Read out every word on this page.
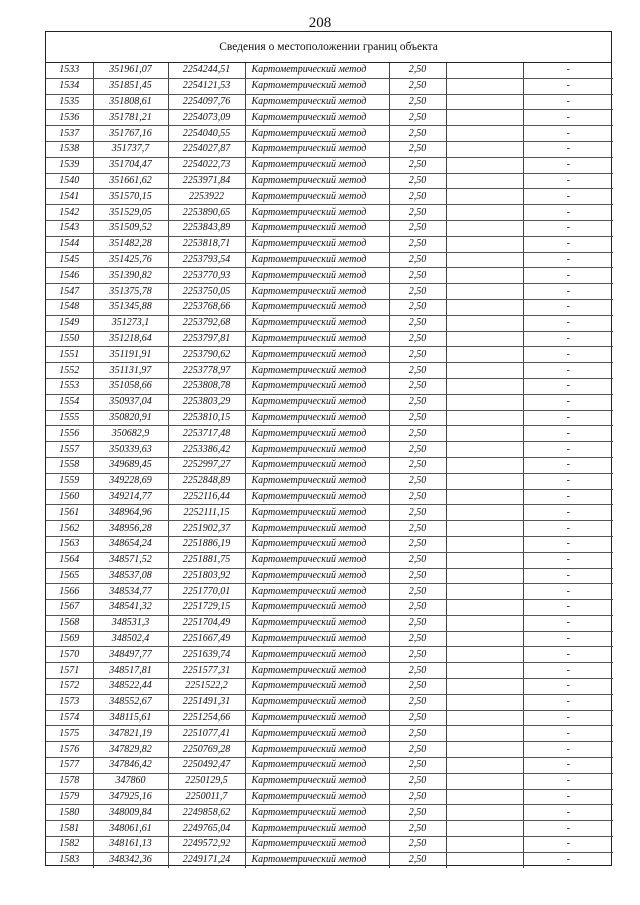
208
Сведения о местоположении границ объекта
1533	351961,07	2254244,51	Картометрический метод	2,50		-
1534	351851,45	2254121,53	Картометрический метод	2,50		-
1535	351808,61	2254097,76	Картометрический метод	2,50		-
1536	351781,21	2254073,09	Картометрический метод	2,50		-
1537	351767,16	2254040,55	Картометрический метод	2,50		-
1538	351737,7	2254027,87	Картометрический метод	2,50		-
1539	351704,47	2254022,73	Картометрический метод	2,50		-
1540	351661,62	2253971,84	Картометрический метод	2,50		-
1541	351570,15	2253922	Картометрический метод	2,50		-
1542	351529,05	2253890,65	Картометрический метод	2,50		-
1543	351509,52	2253843,89	Картометрический метод	2,50		-
1544	351482,28	2253818,71	Картометрический метод	2,50		-
1545	351425,76	2253793,54	Картометрический метод	2,50		-
1546	351390,82	2253770,93	Картометрический метод	2,50		-
1547	351375,78	2253750,05	Картометрический метод	2,50		-
1548	351345,88	2253768,66	Картометрический метод	2,50		-
1549	351273,1	2253792,68	Картометрический метод	2,50		-
1550	351218,64	2253797,81	Картометрический метод	2,50		-
1551	351191,91	2253790,62	Картометрический метод	2,50		-
1552	351131,97	2253778,97	Картометрический метод	2,50		-
1553	351058,66	2253808,78	Картометрический метод	2,50		-
1554	350937,04	2253803,29	Картометрический метод	2,50		-
1555	350820,91	2253810,15	Картометрический метод	2,50		-
1556	350682,9	2253717,48	Картометрический метод	2,50		-
1557	350339,63	2253386,42	Картометрический метод	2,50		-
1558	349689,45	2252997,27	Картометрический метод	2,50		-
1559	349228,69	2252848,89	Картометрический метод	2,50		-
1560	349214,77	2252116,44	Картометрический метод	2,50		-
1561	348964,96	2252111,15	Картометрический метод	2,50		-
1562	348956,28	2251902,37	Картометрический метод	2,50		-
1563	348654,24	2251886,19	Картометрический метод	2,50		-
1564	348571,52	2251881,75	Картометрический метод	2,50		-
1565	348537,08	2251803,92	Картометрический метод	2,50		-
1566	348534,77	2251770,01	Картометрический метод	2,50		-
1567	348541,32	2251729,15	Картометрический метод	2,50		-
1568	348531,3	2251704,49	Картометрический метод	2,50		-
1569	348502,4	2251667,49	Картометрический метод	2,50		-
1570	348497,77	2251639,74	Картометрический метод	2,50		-
1571	348517,81	2251577,31	Картометрический метод	2,50		-
1572	348522,44	2251522,2	Картометрический метод	2,50		-
1573	348552,67	2251491,31	Картометрический метод	2,50		-
1574	348115,61	2251254,66	Картометрический метод	2,50		-
1575	347821,19	2251077,41	Картометрический метод	2,50		-
1576	347829,82	2250769,28	Картометрический метод	2,50		-
1577	347846,42	2250492,47	Картометрический метод	2,50		-
1578	347860	2250129,5	Картометрический метод	2,50		-
1579	347925,16	2250011,7	Картометрический метод	2,50		-
1580	348009,84	2249858,62	Картометрический метод	2,50		-
1581	348061,61	2249765,04	Картометрический метод	2,50		-
1582	348161,13	2249572,92	Картометрический метод	2,50		-
1583	348342,36	2249171,24	Картометрический метод	2,50		-
